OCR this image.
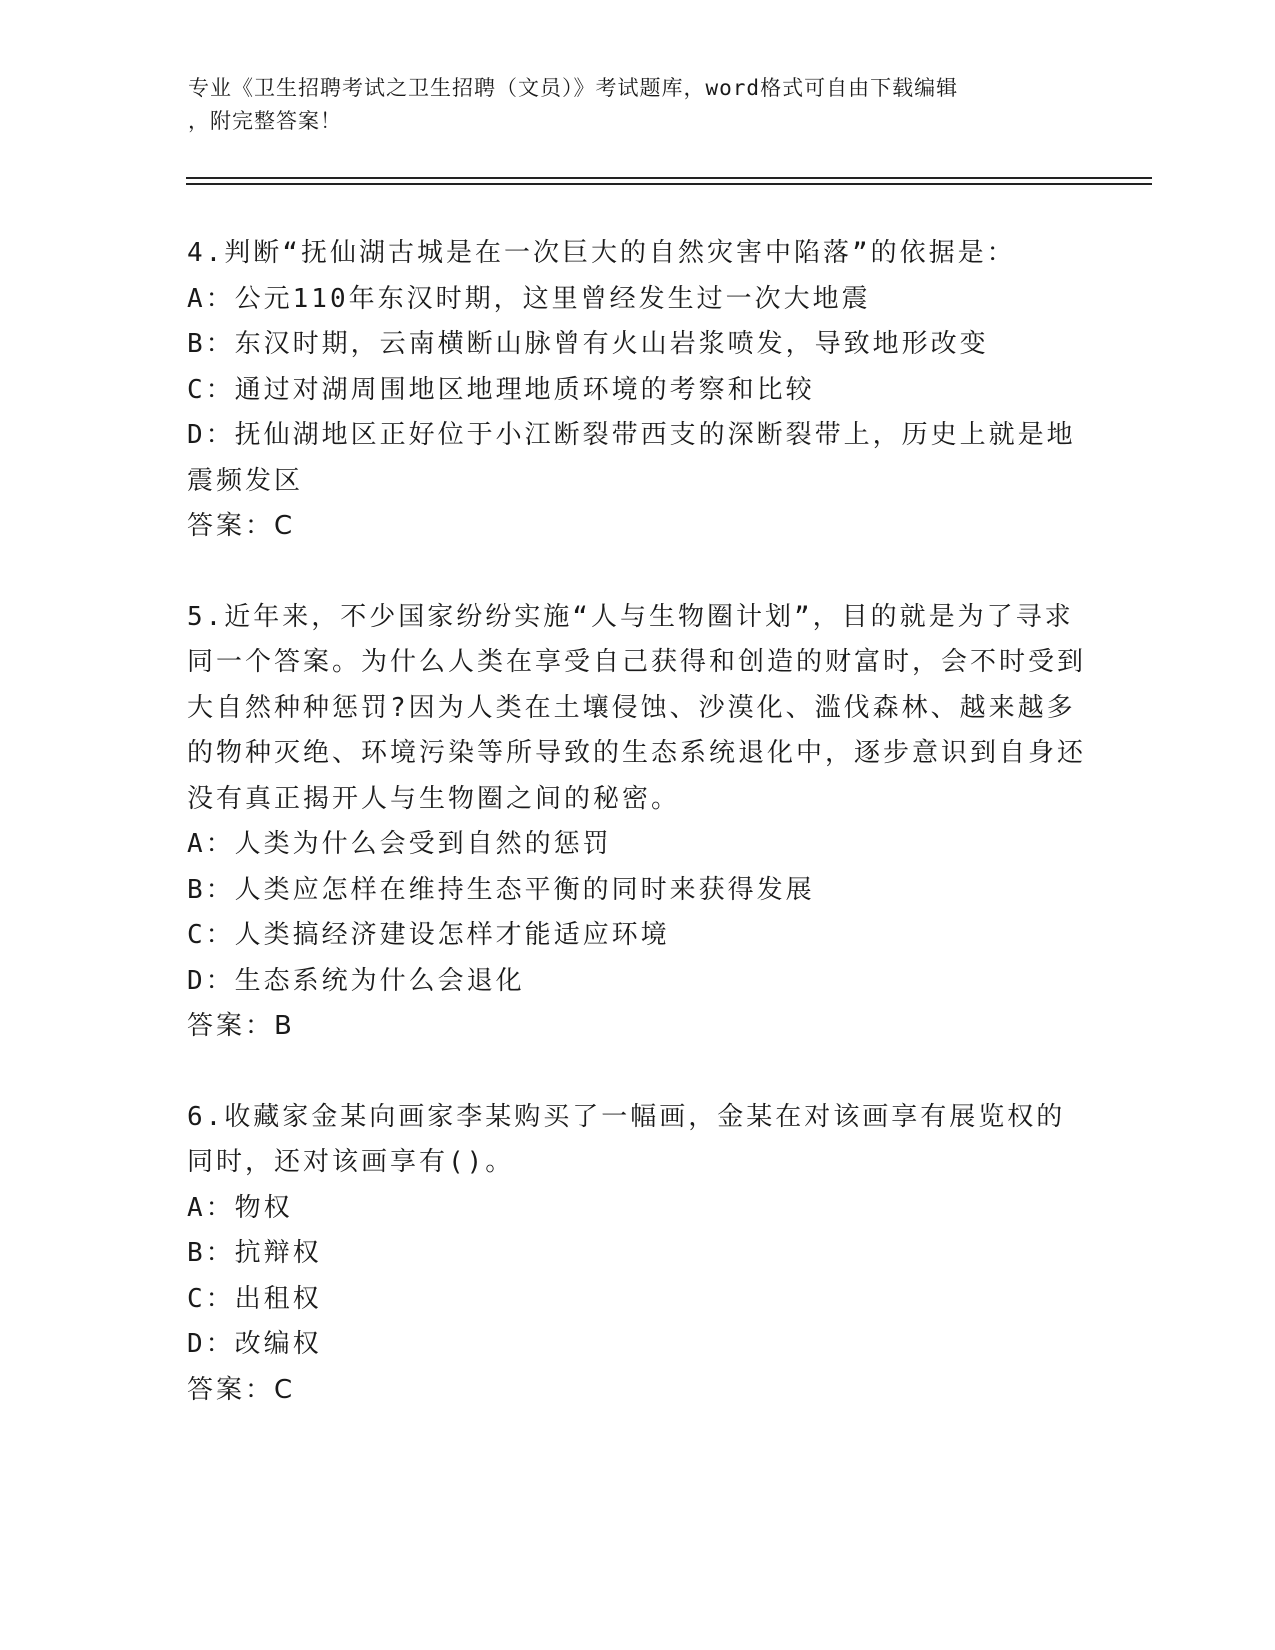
专业《卫生招聘考试之卫生招聘（文员）》考试题库，word格式可自由下载编辑
，附完整答案！

4.判断“抚仙湖古城是在一次巨大的自然灾害中陷落”的依据是：

A：公元110年东汉时期，这里曾经发生过一次大地震

B：东汉时期，云南横断山脉曾有火山岩浆喷发，导致地形改变

C：通过对湖周围地区地理地质环境的考察和比较

D：抚仙湖地区正好位于小江断裂带西支的深断裂带上，历史上就是地震频发区

答案：C

5.近年来，不少国家纷纷实施“人与生物圈计划”，目的就是为了寻求同一个答案。为什么人类在享受自己获得和创造的财富时，会不时受到大自然种种惩罚?因为人类在土壤侵蚀、沙漠化、滥伐森林、越来越多的物种灭绝、环境污染等所导致的生态系统退化中，逐步意识到自身还没有真正揭开人与生物圈之间的秘密。

A：人类为什么会受到自然的惩罚

B：人类应怎样在维持生态平衡的同时来获得发展

C：人类搞经济建设怎样才能适应环境

D：生态系统为什么会退化

答案：B

6.收藏家金某向画家李某购买了一幅画，金某在对该画享有展览权的同时，还对该画享有()。

A：物权

B：抗辩权

C：出租权

D：改编权

答案：C
